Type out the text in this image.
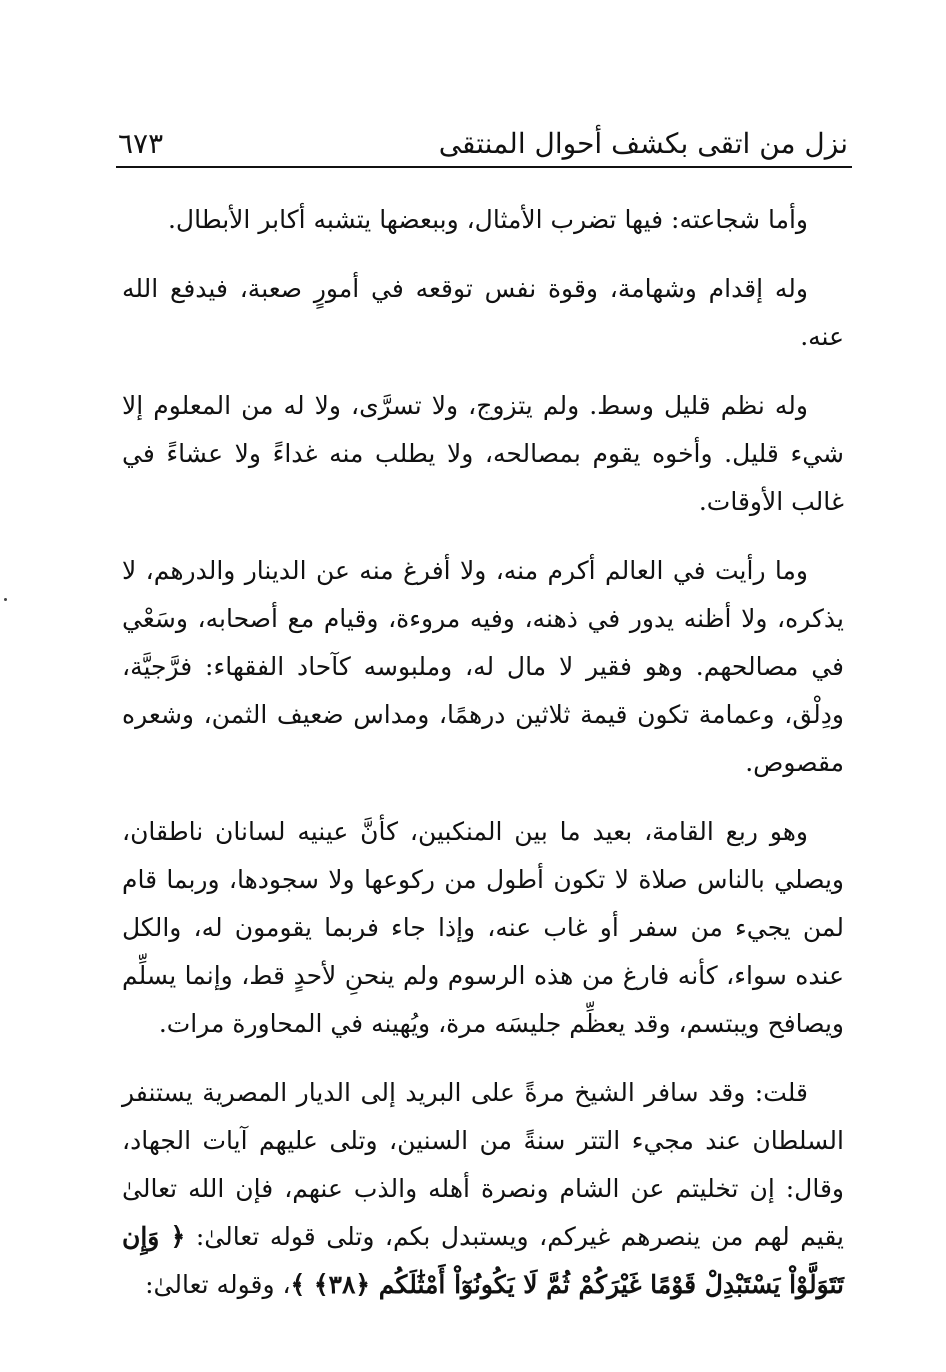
نزل من اتقى بكشف أحوال المنتقى
٦٧٣

وأما شجاعته: فيها تضرب الأمثال، وببعضها يتشبه أكابر الأبطال.

وله إقدام وشهامة، وقوة نفس توقعه في أمورٍ صعبة، فيدفع الله عنه.

وله نظم قليل وسط. ولم يتزوج، ولا تسرَّى، ولا له من المعلوم إلا شيء قليل. وأخوه يقوم بمصالحه، ولا يطلب منه غداءً ولا عشاءً في غالب الأوقات.

وما رأيت في العالم أكرم منه، ولا أفرغ منه عن الدينار والدرهم، لا يذكره، ولا أظنه يدور في ذهنه، وفيه مروءة، وقيام مع أصحابه، وسَعْي في مصالحهم. وهو فقير لا مال له، وملبوسه كآحاد الفقهاء: فرَّجيَّة، ودِلْق، وعمامة تكون قيمة ثلاثين درهمًا، ومداس ضعيف الثمن، وشعره مقصوص.

وهو ربع القامة، بعيد ما بين المنكبين، كأنَّ عينيه لسانان ناطقان، ويصلي بالناس صلاة لا تكون أطول من ركوعها ولا سجودها، وربما قام لمن يجيء من سفر أو غاب عنه، وإذا جاء فربما يقومون له، والكل عنده سواء، كأنه فارغ من هذه الرسوم ولم ينحنِ لأحدٍ قط، وإنما يسلِّم ويصافح ويبتسم، وقد يعظِّم جليسَه مرة، ويُهينه في المحاورة مرات.

قلت: وقد سافر الشيخ مرةً على البريد إلى الديار المصرية يستنفر السلطان عند مجيء التتر سنةً من السنين، وتلى عليهم آيات الجهاد، وقال: إن تخليتم عن الشام ونصرة أهله والذب عنهم، فإن الله تعالىٰ يقيم لهم من ينصرهم غيركم، ويستبدل بكم، وتلى قوله تعالىٰ: ﴿ وَإِن تَتَوَلَّوْاْ يَسْتَبْدِلْ قَوْمًا غَيْرَكُمْ ثُمَّ لَا يَكُونُوٓاْ أَمْثَٰلَكُم ﴿٣٨﴾ ﴾، وقوله تعالىٰ:
